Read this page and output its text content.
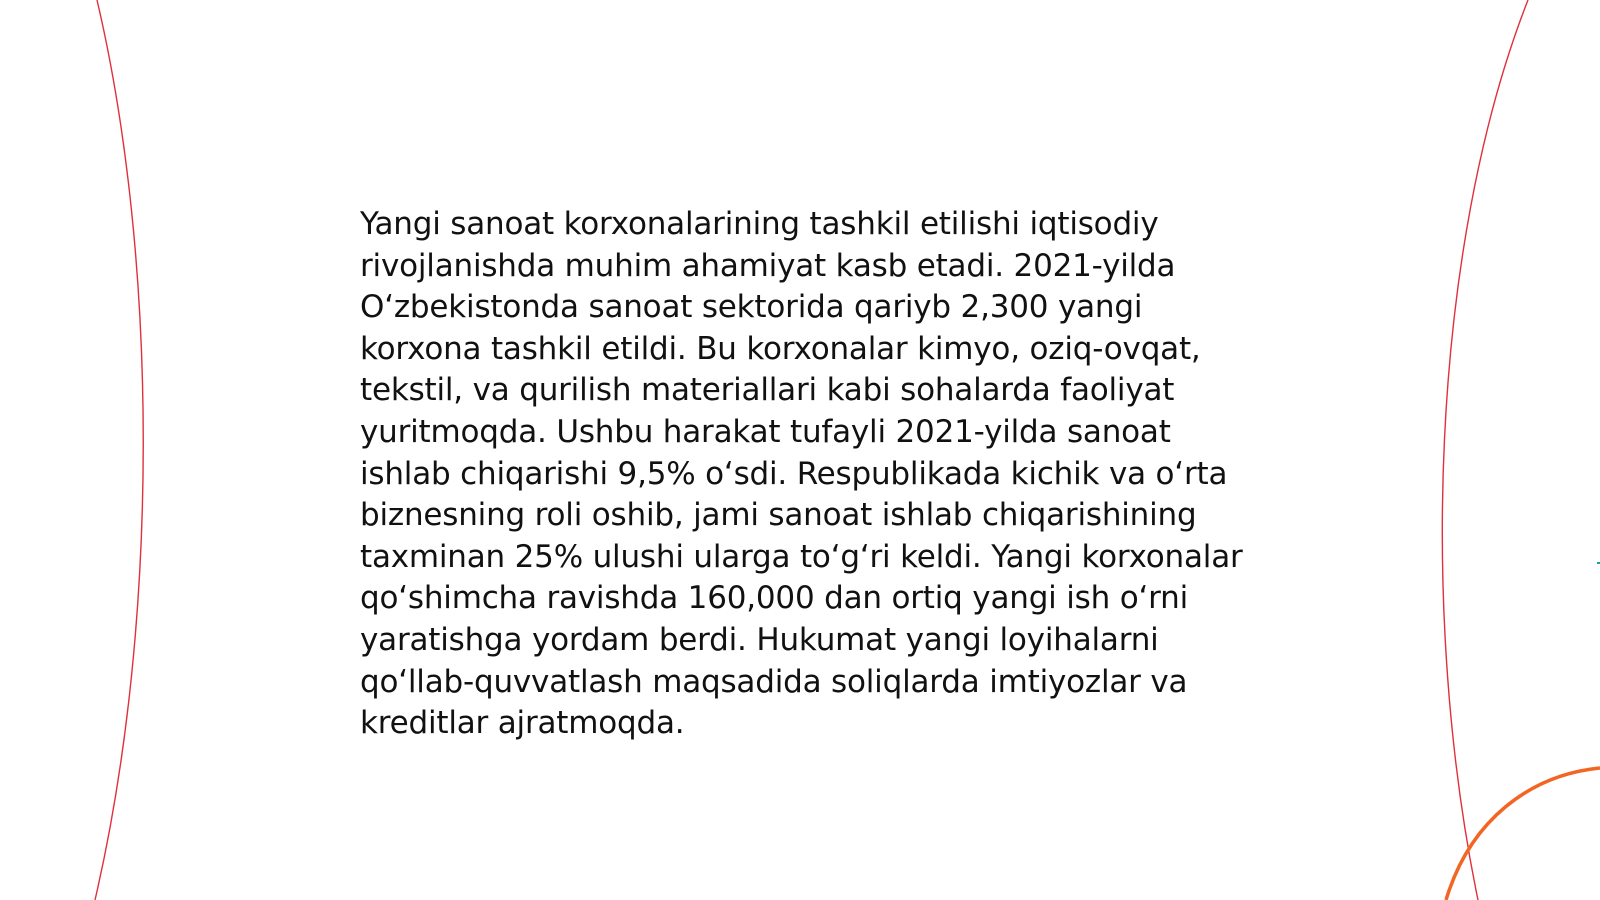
Yangi sanoat korxonalarining tashkil etilishi iqtisodiy rivojlanishda muhim ahamiyat kasb etadi. 2021-yilda O‘zbekistonda sanoat sektorida qariyb 2,300 yangi korxona tashkil etildi. Bu korxonalar kimyo, oziq-ovqat, tekstil, va qurilish materiallari kabi sohalarda faoliyat yuritmoqda. Ushbu harakat tufayli 2021-yilda sanoat ishlab chiqarishi 9,5% o‘sdi. Respublikada kichik va o‘rta biznesning roli oshib, jami sanoat ishlab chiqarishining taxminan 25% ulushi ularga to‘g‘ri keldi. Yangi korxonalar qo‘shimcha ravishda 160,000 dan ortiq yangi ish o‘rni yaratishga yordam berdi. Hukumat yangi loyihalarni qo‘llab-quvvatlash maqsadida soliqlarda imtiyozlar va kreditlar ajratmoqda.
